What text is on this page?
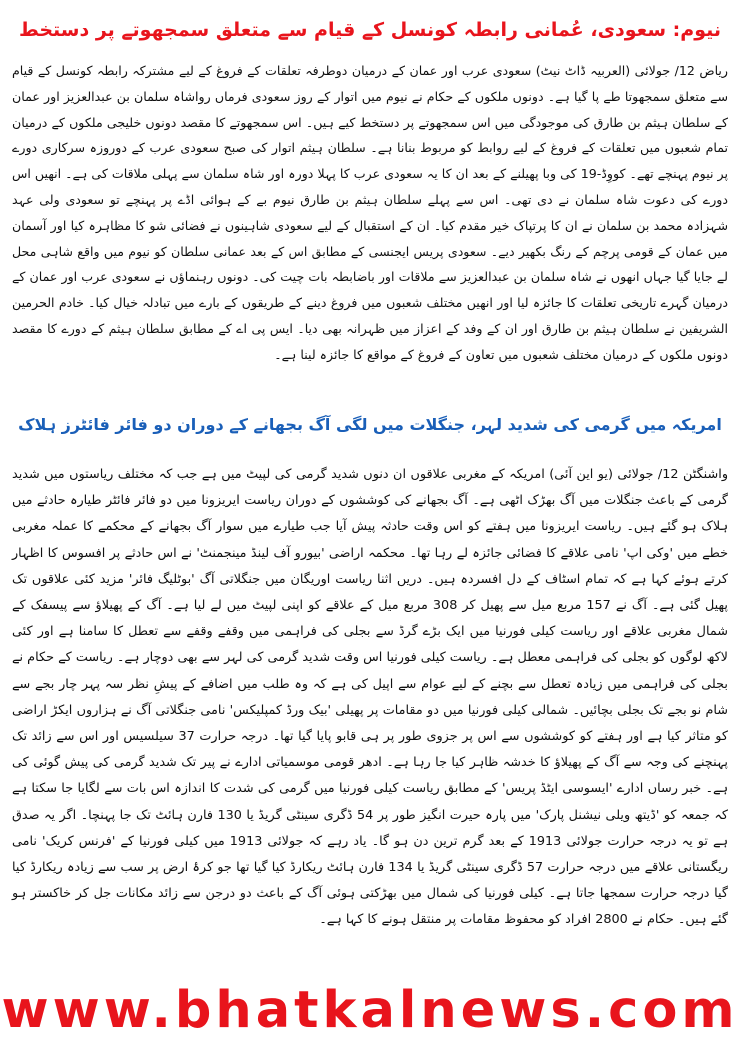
نیوم: سعودی، عُمانی رابطہ کونسل کے قیام سے متعلق سمجھوتے پر دستخط

ریاض 12/ جولائی (العربیہ ڈاٹ نیٹ) سعودی عرب اور عمان کے درمیان دوطرفہ تعلقات کے فروغ کے لیے مشترکہ رابطہ کونسل کے قیام سے متعلق سمجھوتا طے پا گیا ہے۔ دونوں ملکوں کے حکام نے نیوم میں اتوار کے روز سعودی فرماں رواشاہ سلمان بن عبدالعزیز اور عمان کے سلطان ہیثم بن طارق کی موجودگی میں اس سمجھوتے پر دستخط کیے ہیں۔ اس سمجھوتے کا مقصد دونوں خلیجی ملکوں کے درمیان تمام شعبوں میں تعلقات کے فروغ کے لیے روابط کو مربوط بنانا ہے۔ سلطان ہیثم اتوار کی صبح سعودی عرب کے دوروزہ سرکاری دورے پر نیوم پہنچے تھے۔ کووِڈ-19 کی وبا پھیلنے کے بعد ان کا یہ سعودی عرب کا پہلا دورہ اور شاہ سلمان سے پہلی ملاقات کی ہے۔ انھیں اس دورے کی دعوت شاہ سلمان نے دی تھی۔ اس سے پہلے سلطان ہیثم بن طارق نیوم بے کے ہوائی اڈے پر پہنچے تو سعودی ولی عہد شہزادہ محمد بن سلمان نے ان کا پرتپاک خیر مقدم کیا۔ ان کے استقبال کے لیے سعودی شاہینوں نے فضائی شو کا مظاہرہ کیا اور آسمان میں عمان کے قومی پرچم کے رنگ بکھیر دیے۔ سعودی پریس ایجنسی کے مطابق اس کے بعد عمانی سلطان کو نیوم میں واقع شاہی محل لے جایا گیا جہاں انھوں نے شاہ سلمان بن عبدالعزیز سے ملاقات اور باضابطہ بات چیت کی۔ دونوں رہنماؤں نے سعودی عرب اور عمان کے درمیان گہرے تاریخی تعلقات کا جائزہ لیا اور انھیں مختلف شعبوں میں فروغ دینے کے طریقوں کے بارے میں تبادلہ خیال کیا۔ خادم الحرمین الشریفین نے سلطان ہیثم بن طارق اور ان کے وفد کے اعزاز میں ظہرانہ بھی دیا۔ ایس پی اے کے مطابق سلطان ہیثم کے دورے کا مقصد دونوں ملکوں کے درمیان مختلف شعبوں میں تعاون کے فروغ کے مواقع کا جائزہ لینا ہے۔

امریکہ میں گرمی کی شدید لہر، جنگلات میں لگی آگ بجھانے کے دوران دو فائر فائٹرز ہلاک

واشنگٹن 12/ جولائی (یو این آئی) امریکہ کے مغربی علاقوں ان دنوں شدید گرمی کی لپیٹ میں ہے جب کہ مختلف ریاستوں میں شدید گرمی کے باعث جنگلات میں آگ بھڑک اٹھی ہے۔ آگ بجھانے کی کوششوں کے دوران ریاست ایریزونا میں دو فائر فائٹر طیارہ حادثے میں ہلاک ہو گئے ہیں۔ ریاست ایریزونا میں ہفتے کو اس وقت حادثہ پیش آیا جب طیارے میں سوار آگ بجھانے کے محکمے کا عملہ مغربی خطے میں 'وکی اپ' نامی علاقے کا فضائی جائزہ لے رہا تھا۔ محکمہ اراضی 'بیورو آف لینڈ مینجمنٹ' نے اس حادثے پر افسوس کا اظہار کرتے ہوئے کہا ہے کہ تمام اسٹاف کے دل افسردہ ہیں۔ دریں اثنا ریاست اوریگان میں جنگلاتی آگ 'بوٹلیگ فائر' مزید کئی علاقوں تک پھیل گئی ہے۔ آگ نے 157 مربع میل سے پھیل کر 308 مربع میل کے علاقے کو اپنی لپیٹ میں لے لیا ہے۔ آگ کے پھیلاؤ سے پیسفک کے شمال مغربی علاقے اور ریاست کیلی فورنیا میں ایک بڑے گرڈ سے بجلی کی فراہمی میں وقفے وقفے سے تعطل کا سامنا ہے اور کئی لاکھ لوگوں کو بجلی کی فراہمی معطل ہے۔ ریاست کیلی فورنیا اس وقت شدید گرمی کی لہر سے بھی دوچار ہے۔ ریاست کے حکام نے بجلی کی فراہمی میں زیادہ تعطل سے بچنے کے لیے عوام سے اپیل کی ہے کہ وہ طلب میں اضافے کے پیشِ نظر سہ پہر چار بجے سے شام نو بجے تک بجلی بچائیں۔ شمالی کیلی فورنیا میں دو مقامات پر پھیلی 'بیک ورڈ کمپلیکس' نامی جنگلاتی آگ نے ہزاروں ایکڑ اراضی کو متاثر کیا ہے اور ہفتے کو کوششوں سے اس پر جزوی طور پر ہی قابو پایا گیا تھا۔ درجہ حرارت 37 سیلسیس اور اس سے زائد تک پہنچنے کی وجہ سے آگ کے پھیلاؤ کا خدشہ ظاہر کیا جا رہا ہے۔ ادھر قومی موسمیاتی ادارے نے پیر تک شدید گرمی کی پیش گوئی کی ہے۔ خبر رساں ادارے 'ایسوسی ایٹڈ پریس' کے مطابق ریاست کیلی فورنیا میں گرمی کی شدت کا اندازہ اس بات سے لگایا جا سکتا ہے کہ جمعہ کو 'ڈیتھ ویلی نیشنل پارک' میں پارہ حیرت انگیز طور پر 54 ڈگری سینٹی گریڈ یا 130 فارن ہائٹ تک جا پہنچا۔ اگر یہ صدق ہے تو یہ درجہ حرارت جولائی 1913 کے بعد گرم ترین دن ہو گا۔ یاد رہے کہ جولائی 1913 میں کیلی فورنیا کے 'فرنس کریک' نامی ریگستانی علاقے میں درجہ حرارت 57 ڈگری سینٹی گریڈ یا 134 فارن ہائٹ ریکارڈ کیا گیا تھا جو کرۂ ارض پر سب سے زیادہ ریکارڈ کیا گیا درجہ حرارت سمجھا جاتا ہے۔ کیلی فورنیا کی شمال میں بھڑکتی ہوئی آگ کے باعث دو درجن سے زائد مکانات جل کر خاکستر ہو گئے ہیں۔ حکام نے 2800 افراد کو محفوظ مقامات پر منتقل ہونے کا کہا ہے۔

www.bhatkalnews.com
